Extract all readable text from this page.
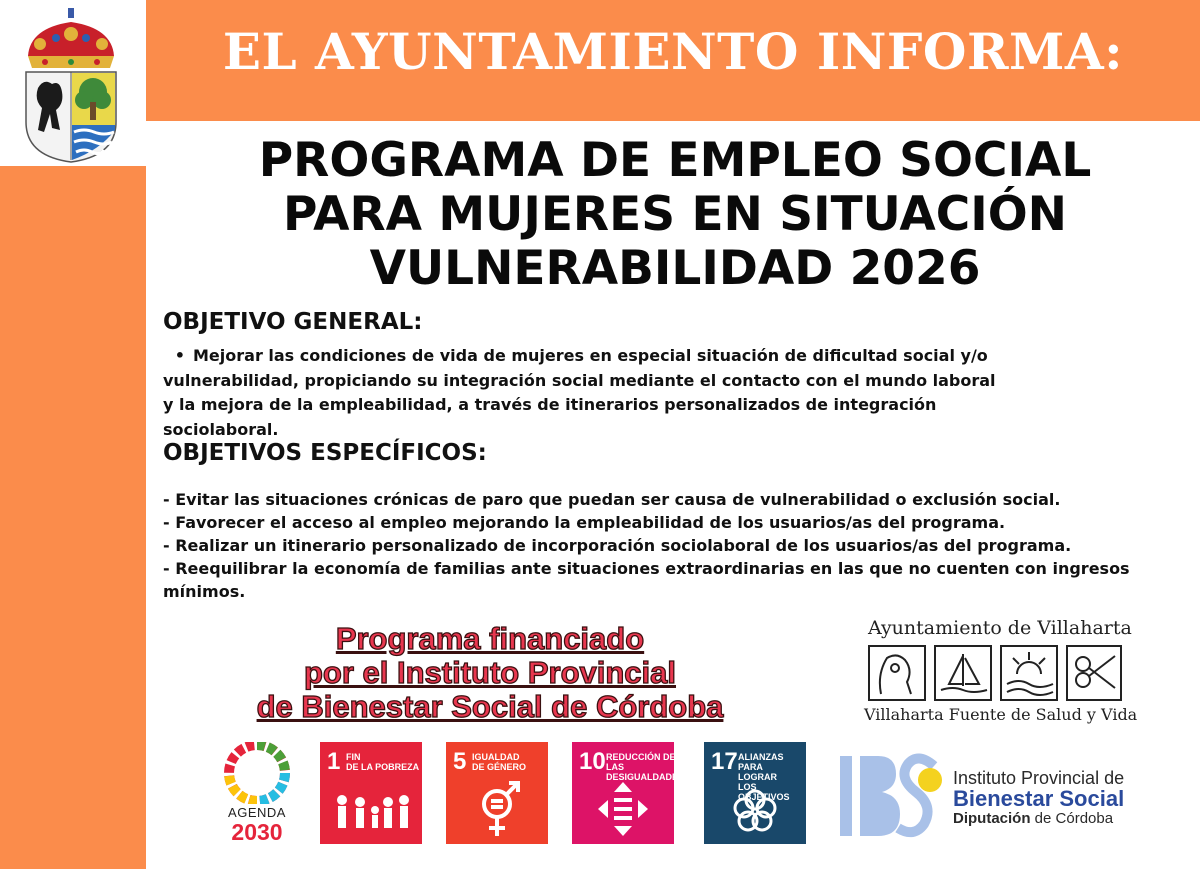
EL AYUNTAMIENTO INFORMA:
PROGRAMA DE EMPLEO SOCIAL
PARA MUJERES EN SITUACIÓN
VULNERABILIDAD 2026
OBJETIVO GENERAL:
• Mejorar las condiciones de vida de mujeres en especial situación de dificultad social y/o
vulnerabilidad, propiciando su integración social mediante el contacto con el mundo laboral
y la mejora de la empleabilidad, a través de itinerarios personalizados de integración
sociolaboral.
OBJETIVOS ESPECÍFICOS:
- Evitar las situaciones crónicas de paro que puedan ser causa de vulnerabilidad o exclusión social.
- Favorecer el acceso al empleo mejorando la empleabilidad de los usuarios/as del programa.
- Realizar un itinerario personalizado de incorporación sociolaboral de los usuarios/as del programa.
- Reequilibrar la economía de familias ante situaciones extraordinarias en las que no cuenten con ingresos mínimos.
Programa financiado
por el Instituto Provincial
de Bienestar Social de Córdoba
AGENDA
2030
1 FIN
DE LA POBREZA 5 IGUALDAD
DE GÉNERO 10 REDUCCIÓN DE LAS
DESIGUALDADES
17 ALIANZAS PARA
LOGRAR
LOS OBJETIVOS
Ayuntamiento de Villaharta
Villaharta Fuente de Salud y Vida
Instituto Provincial de
Bienestar Social
Diputación de Córdoba
